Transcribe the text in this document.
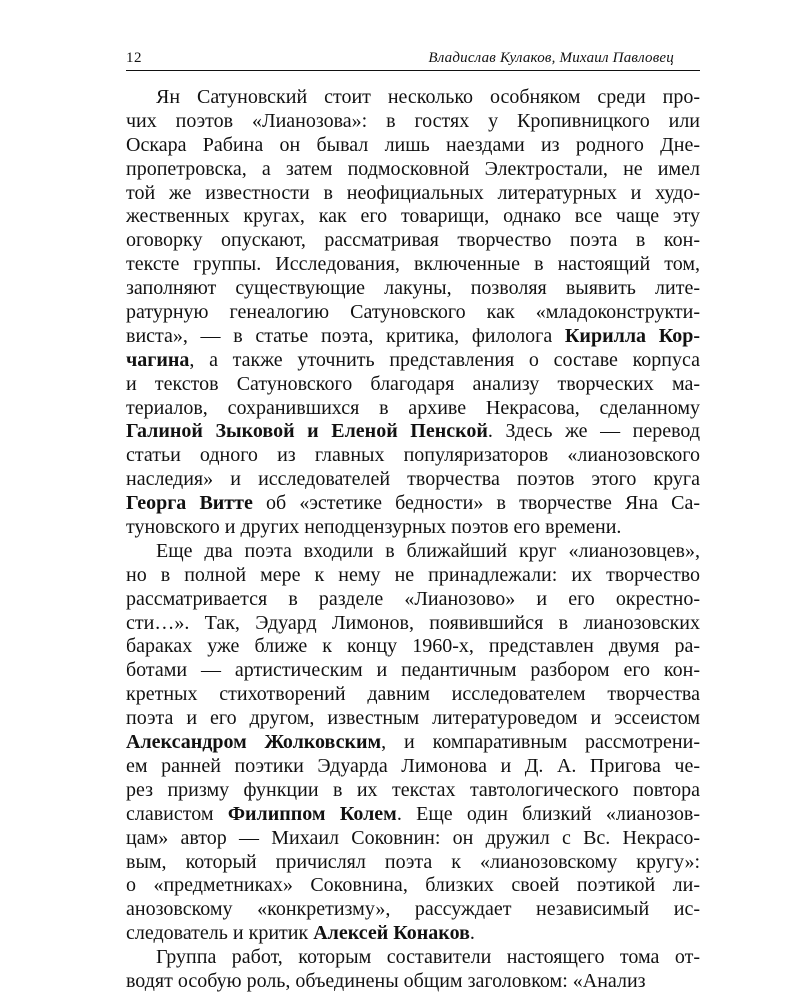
12	Владислав Кулаков, Михаил Павловец
Ян Сатуновский стоит несколько особняком среди про-
чих поэтов «Лианозова»: в гостях у Кропивницкого или
Оскара Рабина он бывал лишь наездами из родного Дне-
пропетровска, а затем подмосковной Электростали, не имел
той же известности в неофициальных литературных и худо-
жественных кругах, как его товарищи, однако все чаще эту
оговорку опускают, рассматривая творчество поэта в кон-
тексте группы. Исследования, включенные в настоящий том,
заполняют существующие лакуны, позволяя выявить лите-
ратурную генеалогию Сатуновского как «младоконструкти-
виста», — в статье поэта, критика, филолога Кирилла Кор-
чагина, а также уточнить представления о составе корпуса
и текстов Сатуновского благодаря анализу творческих ма-
териалов, сохранившихся в архиве Некрасова, сделанному
Галиной Зыковой и Еленой Пенской. Здесь же — перевод
статьи одного из главных популяризаторов «лианозовского
наследия» и исследователей творчества поэтов этого круга
Георга Витте об «эстетике бедности» в творчестве Яна Са-
туновского и других неподцензурных поэтов его времени.
Еще два поэта входили в ближайший круг «лианозовцев»,
но в полной мере к нему не принадлежали: их творчество
рассматривается в разделе «Лианозово» и его окрестно-
сти…». Так, Эдуард Лимонов, появившийся в лианозовских
бараках уже ближе к концу 1960-х, представлен двумя ра-
ботами — артистическим и педантичным разбором его кон-
кретных стихотворений давним исследователем творчества
поэта и его другом, известным литературоведом и эссеистом
Александром Жолковским, и компаративным рассмотрени-
ем ранней поэтики Эдуарда Лимонова и Д. А. Пригова че-
рез призму функции в их текстах тавтологического повтора
славистом Филиппом Колем. Еще один близкий «лианозов-
цам» автор — Михаил Соковнин: он дружил с Вс. Некрасо-
вым, который причислял поэта к «лианозовскому кругу»:
о «предметниках» Соковнина, близких своей поэтикой ли-
анозовскому «конкретизму», рассуждает независимый ис-
следователь и критик Алексей Конаков.
Группа работ, которым составители настоящего тома от-
водят особую роль, объединены общим заголовком: «Анализ
